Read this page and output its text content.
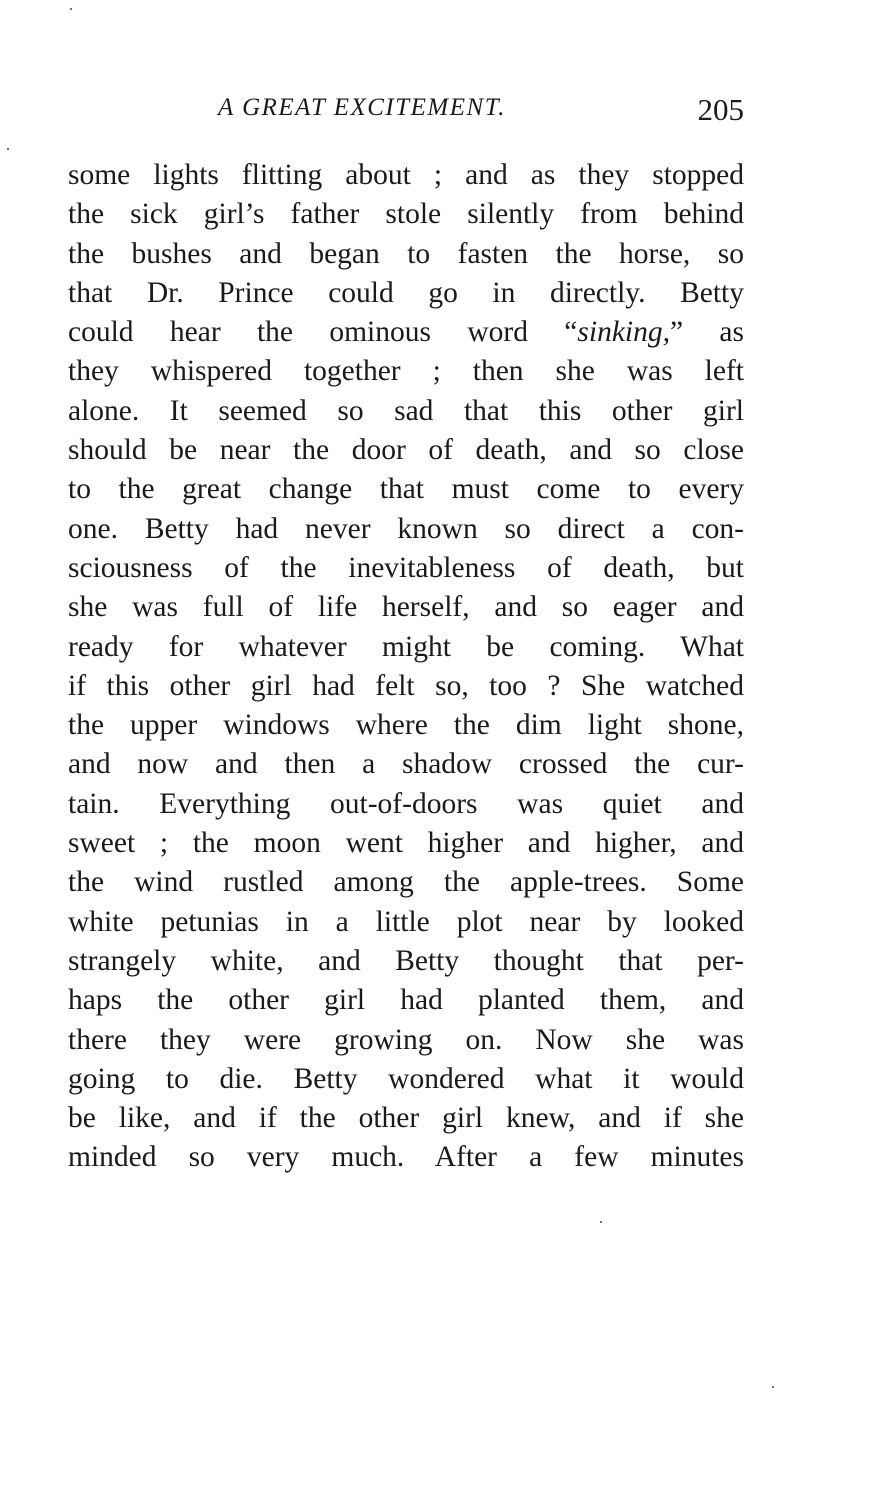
A GREAT EXCITEMENT.	205
some lights flitting about ; and as they stopped
the sick girl’s father stole silently from behind
the bushes and began to fasten the horse, so
that Dr. Prince could go in directly. Betty
could hear the ominous word “sinking,” as
they whispered together ; then she was left
alone. It seemed so sad that this other girl
should be near the door of death, and so close
to the great change that must come to every
one. Betty had never known so direct a con-
sciousness of the inevitableness of death, but
she was full of life herself, and so eager and
ready for whatever might be coming. What
if this other girl had felt so, too ? She watched
the upper windows where the dim light shone,
and now and then a shadow crossed the cur-
tain. Everything out-of-doors was quiet and
sweet ; the moon went higher and higher, and
the wind rustled among the apple-trees. Some
white petunias in a little plot near by looked
strangely white, and Betty thought that per-
haps the other girl had planted them, and
there they were growing on. Now she was
going to die. Betty wondered what it would
be like, and if the other girl knew, and if she
minded so very much. After a few minutes
